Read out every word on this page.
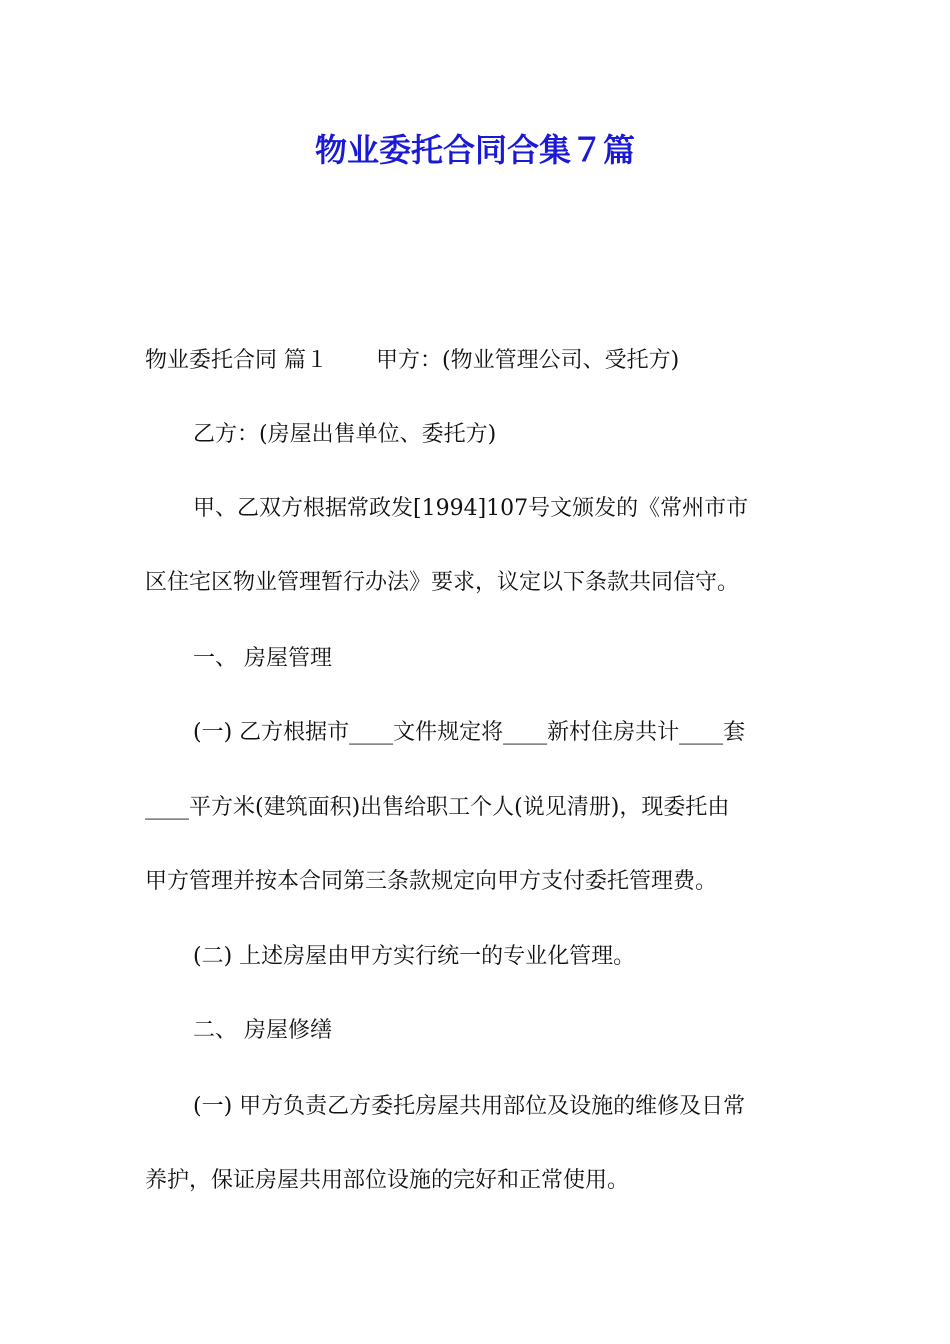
物业委托合同合集７篇

物业委托合同 篇１ 甲方：(物业管理公司、受托方)

乙方：(房屋出售单位、委托方)

甲、乙双方根据常政发[1994]107号文颁发的《常州市市

区住宅区物业管理暂行办法》要求，议定以下条款共同信守。

一、 房屋管理

(一) 乙方根据市____文件规定将____新村住房共计____套

____平方米(建筑面积)出售给职工个人(说见清册)，现委托由

甲方管理并按本合同第三条款规定向甲方支付委托管理费。

(二) 上述房屋由甲方实行统一的专业化管理。

二、 房屋修缮

(一) 甲方负责乙方委托房屋共用部位及设施的维修及日常

养护，保证房屋共用部位设施的完好和正常使用。
